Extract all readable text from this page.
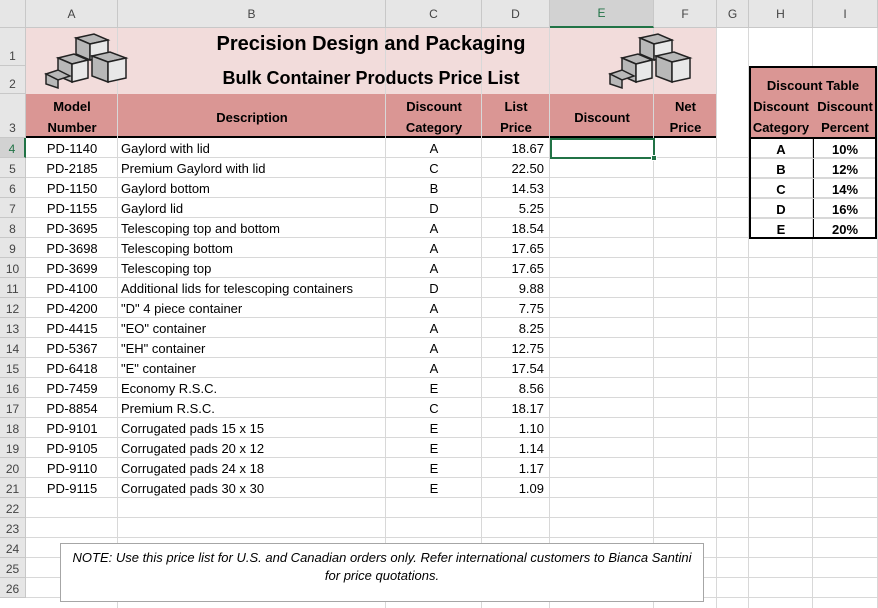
A	B	C	D	E	F	G	H	I
1
2
3
4
5
6
7
8
9
10
11
12
13
14
15
16
17
18
19
20
21
22
23
24
25
26
Precision Design and Packaging
Bulk Container Products Price List
Model
Number
Description
Discount
Category
List
Price
Discount
Net
Price
PD-1140	Gaylord with lid	A	18.67
PD-2185	Premium Gaylord with lid	C	22.50
PD-1150	Gaylord bottom	B	14.53
PD-1155	Gaylord lid	D	5.25
PD-3695	Telescoping top and bottom	A	18.54
PD-3698	Telescoping bottom	A	17.65
PD-3699	Telescoping top	A	17.65
PD-4100	Additional lids for telescoping containers	D	9.88
PD-4200	"D" 4 piece container	A	7.75
PD-4415	"EO" container	A	8.25
PD-5367	"EH" container	A	12.75
PD-6418	"E" container	A	17.54
PD-7459	Economy R.S.C.	E	8.56
PD-8854	Premium R.S.C.	C	18.17
PD-9101	Corrugated pads 15 x 15	E	1.10
PD-9105	Corrugated pads 20 x 12	E	1.14
PD-9110	Corrugated pads 24 x 18	E	1.17
PD-9115	Corrugated pads 30 x 30	E	1.09
Discount Table
Discount
Category
Discount
Percent
A	10%
B	12%
C	14%
D	16%
E	20%
NOTE: Use this price list for U.S. and Canadian orders only. Refer international customers to Bianca Santini for price quotations.
